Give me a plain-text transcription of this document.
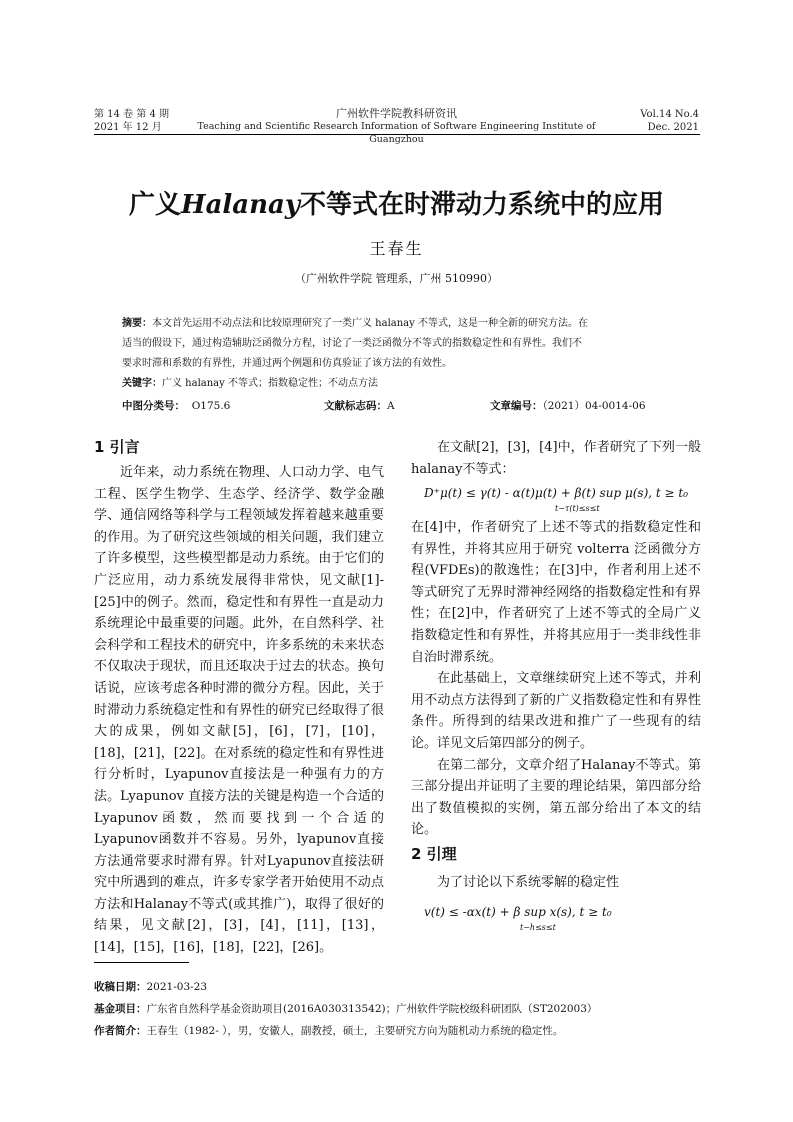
第 14 卷 第 4 期
2021 年 12 月
广州软件学院教科研资讯
Teaching and Scientific Research Information of Software Engineering Institute of Guangzhou
Vol.14 No.4
Dec. 2021
广义Halanay不等式在时滞动力系统中的应用
王春生
（广州软件学院 管理系，广州 510990）
摘要：本文首先运用不动点法和比较原理研究了一类广义 halanay 不等式，这是一种全新的研究方法。在
适当的假设下，通过构造辅助泛函微分方程，讨论了一类泛函微分不等式的指数稳定性和有界性。我们不
要求时滞和系数的有界性，并通过两个例题和仿真验证了该方法的有效性。
关键字：广义 halanay 不等式；指数稳定性；不动点方法
中图分类号： O175.6	文献标志码：A	文章编号：（2021）04-0014-06
1 引言

近年来，动力系统在物理、人口动力学、电气工程、医学生物学、生态学、经济学、数学金融学、通信网络等科学与工程领域发挥着越来越重要的作用。为了研究这些领域的相关问题，我们建立了许多模型，这些模型都是动力系统。由于它们的广泛应用，动力系统发展得非常快，见文献[1]-[25]中的例子。然而，稳定性和有界性一直是动力系统理论中最重要的问题。此外，在自然科学、社会科学和工程技术的研究中，许多系统的未来状态不仅取决于现状，而且还取决于过去的状态。换句话说，应该考虑各种时滞的微分方程。因此，关于时滞动力系统稳定性和有界性的研究已经取得了很大的成果，例如文献[5]，[6]，[7]，[10]，[18]，[21]，[22]。在对系统的稳定性和有界性进行分析时，Lyapunov直接法是一种强有力的方法。Lyapunov 直接方法的关键是构造一个合适的Lyapunov函数，然而要找到一个合适的Lyapunov函数并不容易。另外，lyapunov直接方法通常要求时滞有界。针对Lyapunov直接法研究中所遇到的难点，许多专家学者开始使用不动点方法和Halanay不等式(或其推广)，取得了很好的结果，见文献[2]，[3]，[4]，[11]，[13]，[14]，[15]，[16]，[18]，[22]，[26]。

在文献[2]，[3]，[4]中，作者研究了下列一般halanay不等式：

D⁺μ(t) ≤ γ(t) - α(t)μ(t) + β(t) sup μ(s), t ≥ t₀
t−τ(t)≤s≤t

在[4]中，作者研究了上述不等式的指数稳定性和有界性，并将其应用于研究 volterra 泛函微分方程(VFDEs)的散逸性；在[3]中，作者利用上述不等式研究了无界时滞神经网络的指数稳定性和有界性；在[2]中，作者研究了上述不等式的全局广义指数稳定性和有界性，并将其应用于一类非线性非自治时滞系统。

在此基础上，文章继续研究上述不等式，并利用不动点方法得到了新的广义指数稳定性和有界性条件。所得到的结果改进和推广了一些现有的结论。详见文后第四部分的例子。

在第二部分，文章介绍了Halanay不等式。第三部分提出并证明了主要的理论结果，第四部分给出了数值模拟的实例，第五部分给出了本文的结论。

2 引理

为了讨论以下系统零解的稳定性

v(t) ≤ -αx(t) + β sup x(s), t ≥ t₀
t−h≤s≤t
收稿日期：2021-03-23
基金项目：广东省自然科学基金资助项目(2016A030313542)；广州软件学院校级科研团队（ST202003）
作者简介：王春生（1982- ），男，安徽人，副教授，硕士，主要研究方向为随机动力系统的稳定性。
